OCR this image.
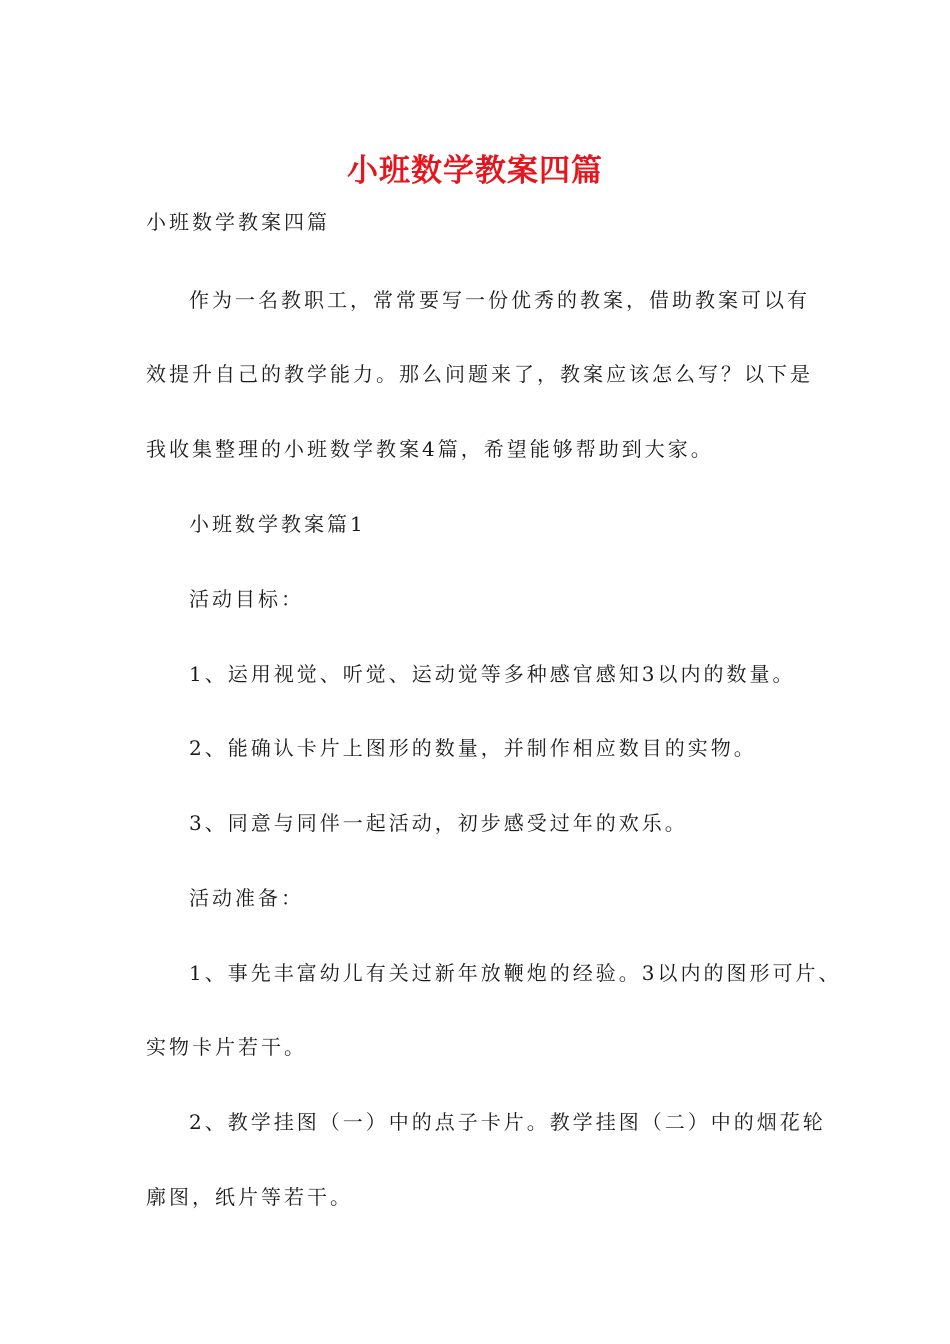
小班数学教案四篇
小班数学教案四篇
作为一名教职工，常常要写一份优秀的教案，借助教案可以有
效提升自己的教学能力。那么问题来了，教案应该怎么写？以下是
我收集整理的小班数学教案4篇，希望能够帮助到大家。
小班数学教案篇1
活动目标：
1、运用视觉、听觉、运动觉等多种感官感知3以内的数量。
2、能确认卡片上图形的数量，并制作相应数目的实物。
3、同意与同伴一起活动，初步感受过年的欢乐。
活动准备：
1、事先丰富幼儿有关过新年放鞭炮的经验。3以内的图形可片、
实物卡片若干。
2、教学挂图（一）中的点子卡片。教学挂图（二）中的烟花轮
廓图，纸片等若干。
